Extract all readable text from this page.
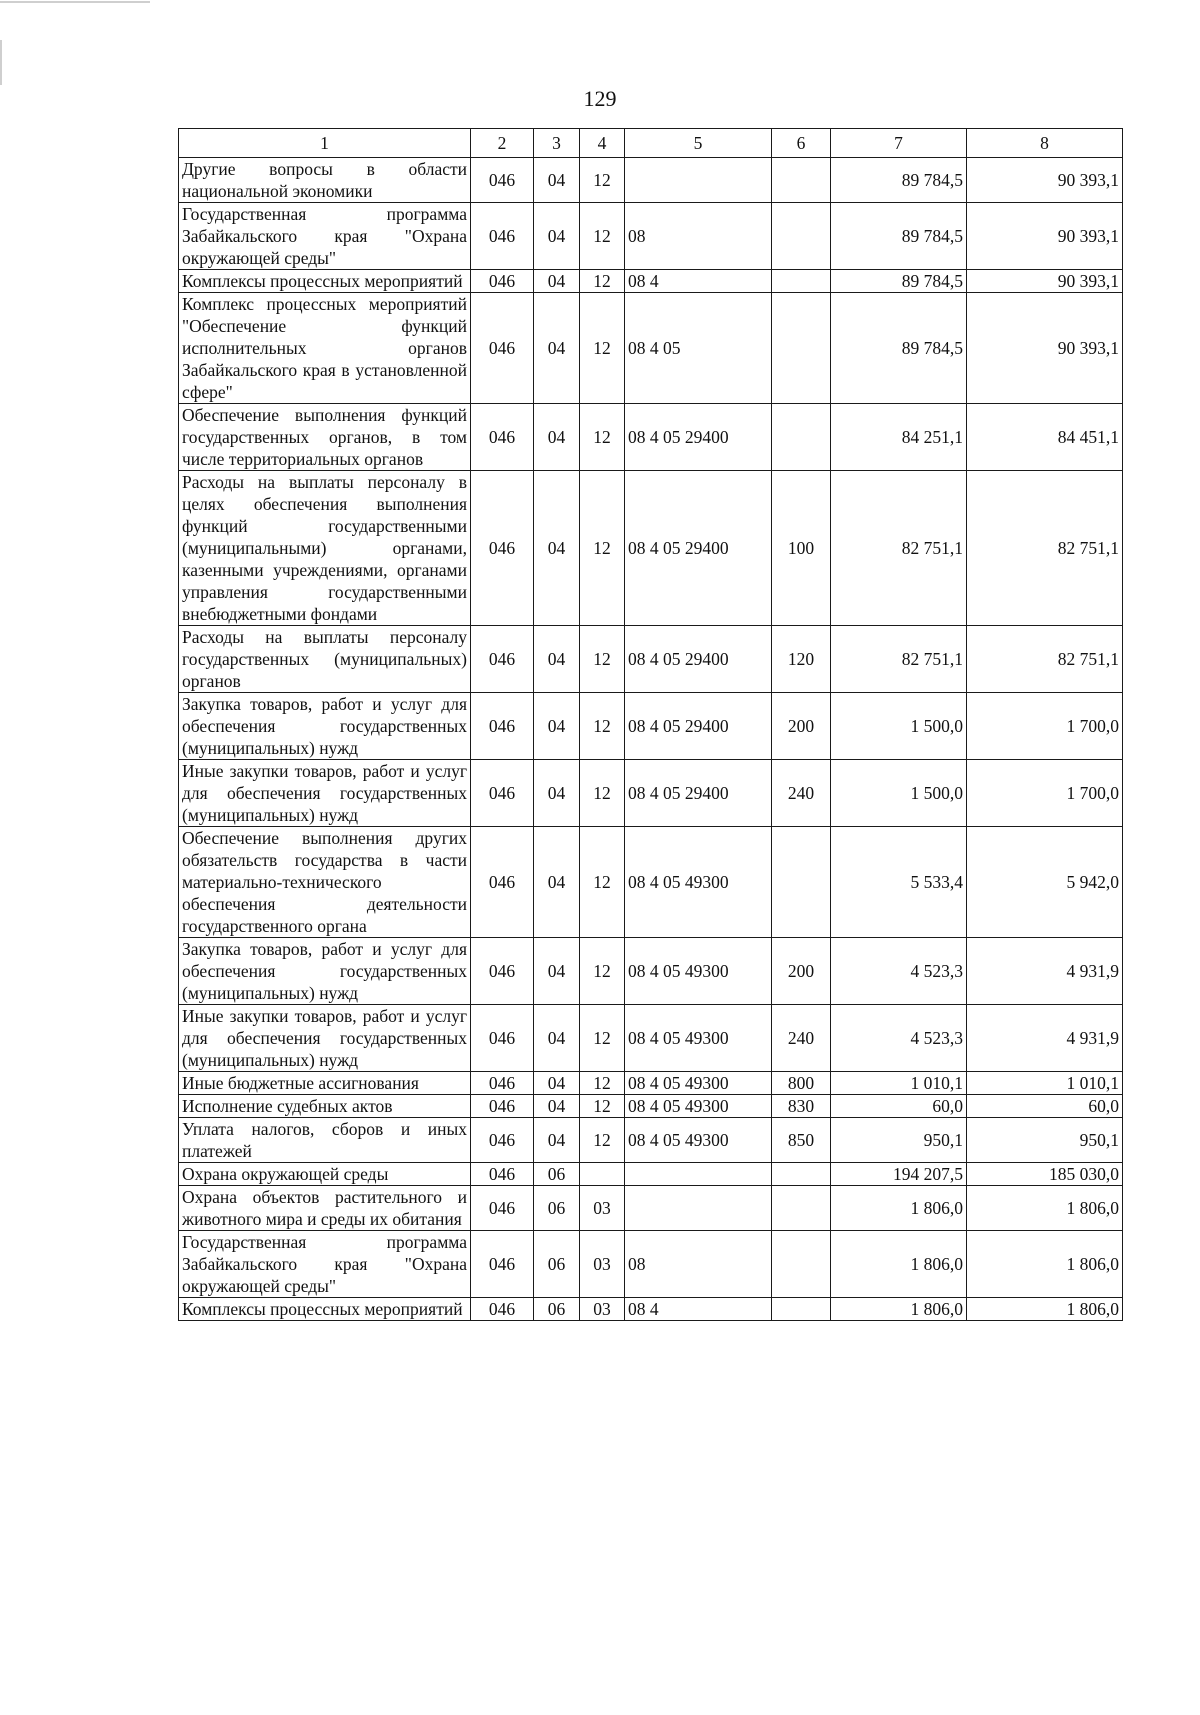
129
1	2	3	4	5	6	7	8
Другие вопросы в области национальной экономики	046	04	12			89 784,5	90 393,1
Государственная программа Забайкальского края "Охрана окружающей среды"	046	04	12	08		89 784,5	90 393,1
Комплексы процессных мероприятий	046	04	12	08 4		89 784,5	90 393,1
Комплекс процессных мероприятий "Обеспечение функций исполнительных органов Забайкальского края в установленной сфере"	046	04	12	08 4 05		89 784,5	90 393,1
Обеспечение выполнения функций государственных органов, в том числе территориальных органов	046	04	12	08 4 05 29400		84 251,1	84 451,1
Расходы на выплаты персоналу в целях обеспечения выполнения функций государственными (муниципальными) органами, казенными учреждениями, органами управления государственными внебюджетными фондами	046	04	12	08 4 05 29400	100	82 751,1	82 751,1
Расходы на выплаты персоналу государственных (муниципальных) органов	046	04	12	08 4 05 29400	120	82 751,1	82 751,1
Закупка товаров, работ и услуг для обеспечения государственных (муниципальных) нужд	046	04	12	08 4 05 29400	200	1 500,0	1 700,0
Иные закупки товаров, работ и услуг для обеспечения государственных (муниципальных) нужд	046	04	12	08 4 05 29400	240	1 500,0	1 700,0
Обеспечение выполнения других обязательств государства в части материально-технического обеспечения деятельности государственного органа	046	04	12	08 4 05 49300		5 533,4	5 942,0
Закупка товаров, работ и услуг для обеспечения государственных (муниципальных) нужд	046	04	12	08 4 05 49300	200	4 523,3	4 931,9
Иные закупки товаров, работ и услуг для обеспечения государственных (муниципальных) нужд	046	04	12	08 4 05 49300	240	4 523,3	4 931,9
Иные бюджетные ассигнования	046	04	12	08 4 05 49300	800	1 010,1	1 010,1
Исполнение судебных актов	046	04	12	08 4 05 49300	830	60,0	60,0
Уплата налогов, сборов и иных платежей	046	04	12	08 4 05 49300	850	950,1	950,1
Охрана окружающей среды	046	06				194 207,5	185 030,0
Охрана объектов растительного и животного мира и среды их обитания	046	06	03			1 806,0	1 806,0
Государственная программа Забайкальского края "Охрана окружающей среды"	046	06	03	08		1 806,0	1 806,0
Комплексы процессных мероприятий	046	06	03	08 4		1 806,0	1 806,0
